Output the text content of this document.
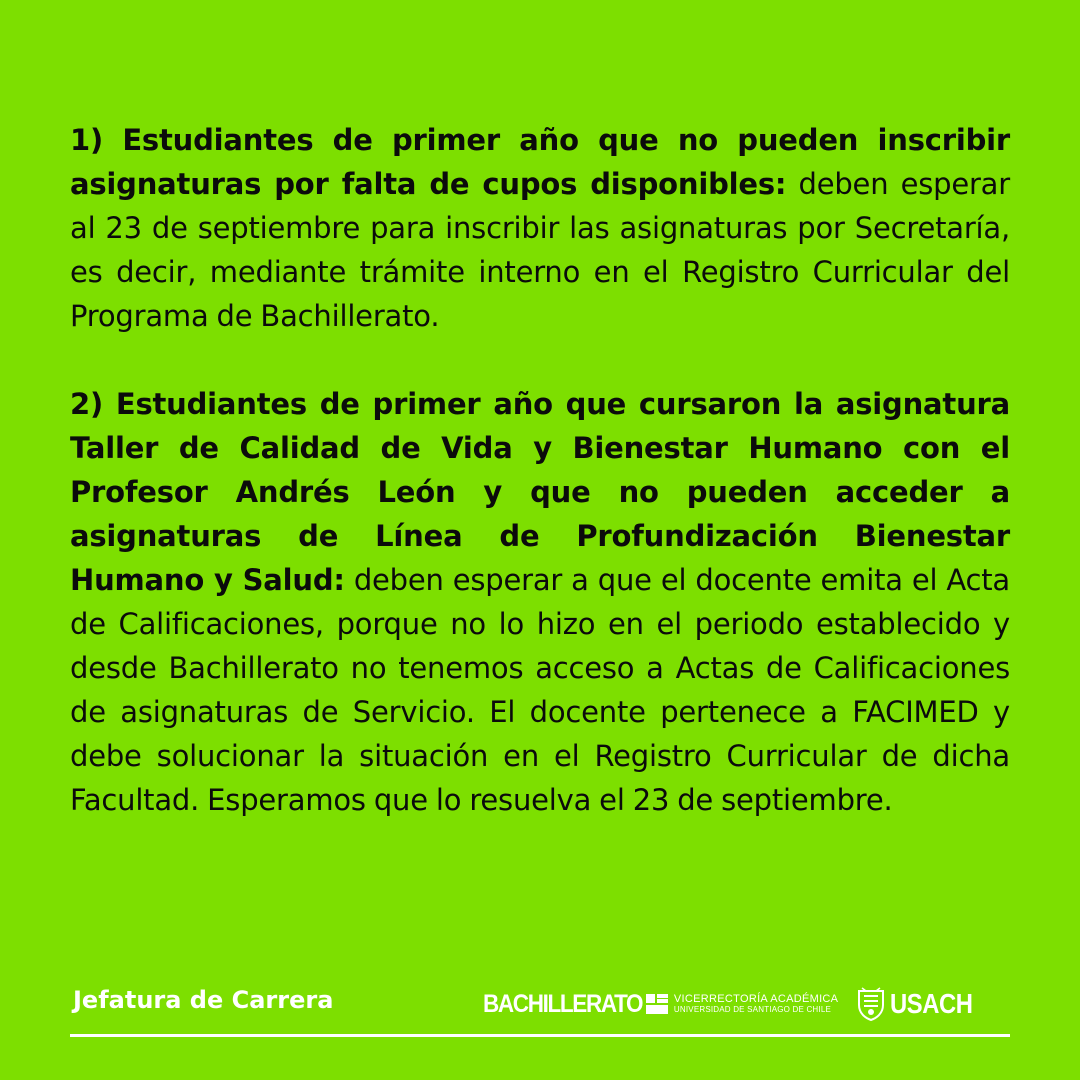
1) Estudiantes de primer año que no pueden inscribir asignaturas por falta de cupos disponibles: deben esperar al 23 de septiembre para inscribir las asignaturas por Secretaría, es decir, mediante trámite interno en el Registro Curricular del Programa de Bachillerato.

2) Estudiantes de primer año que cursaron la asignatura Taller de Calidad de Vida y Bienestar Humano con el Profesor Andrés León y que no pueden acceder a asignaturas de Línea de Profundización Bienestar Humano y Salud: deben esperar a que el docente emita el Acta de Calificaciones, porque no lo hizo en el periodo establecido y desde Bachillerato no tenemos acceso a Actas de Calificaciones de asignaturas de Servicio. El docente pertenece a FACIMED y debe solucionar la situación en el Registro Curricular de dicha Facultad. Esperamos que lo resuelva el 23 de septiembre.

Jefatura de Carrera	BACHILLERATO	VICERRECTORÍA ACADÉMICA
UNIVERSIDAD DE SANTIAGO DE CHILE USACH
